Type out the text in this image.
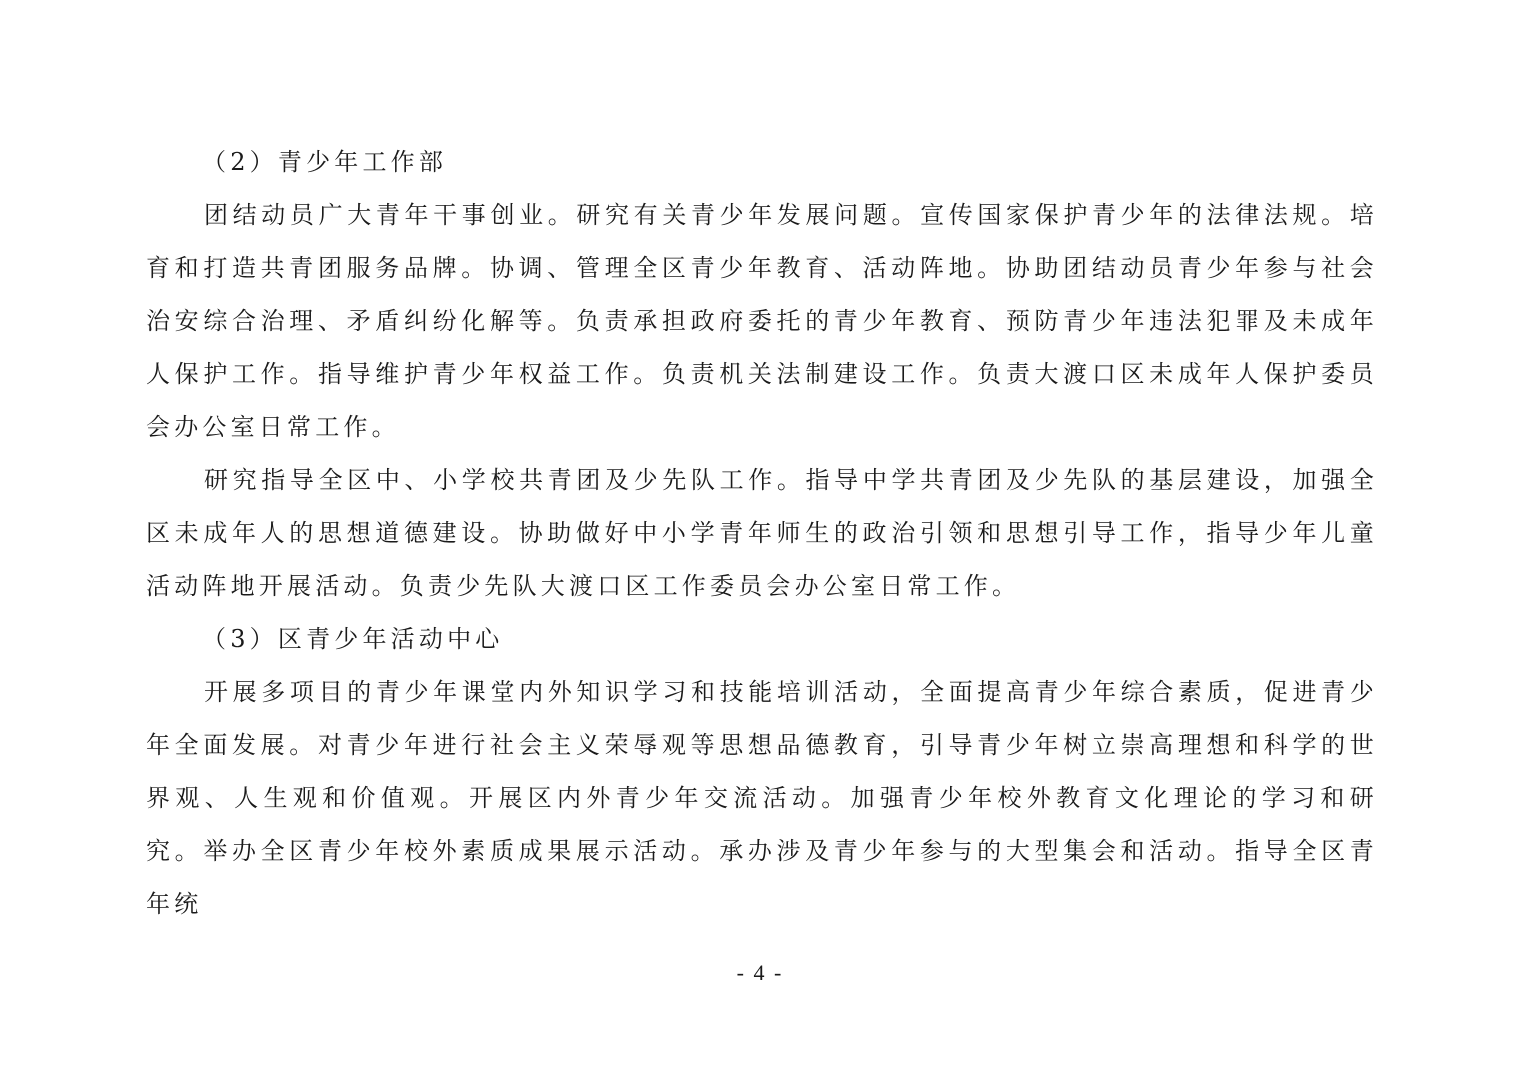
（2）青少年工作部

团结动员广大青年干事创业。研究有关青少年发展问题。宣传国家保护青少年的法律法规。培育和打造共青团服务品牌。协调、管理全区青少年教育、活动阵地。协助团结动员青少年参与社会治安综合治理、矛盾纠纷化解等。负责承担政府委托的青少年教育、预防青少年违法犯罪及未成年人保护工作。指导维护青少年权益工作。负责机关法制建设工作。负责大渡口区未成年人保护委员会办公室日常工作。

研究指导全区中、小学校共青团及少先队工作。指导中学共青团及少先队的基层建设，加强全区未成年人的思想道德建设。协助做好中小学青年师生的政治引领和思想引导工作，指导少年儿童活动阵地开展活动。负责少先队大渡口区工作委员会办公室日常工作。

（3）区青少年活动中心

开展多项目的青少年课堂内外知识学习和技能培训活动，全面提高青少年综合素质，促进青少年全面发展。对青少年进行社会主义荣辱观等思想品德教育，引导青少年树立崇高理想和科学的世界观、人生观和价值观。开展区内外青少年交流活动。加强青少年校外教育文化理论的学习和研究。举办全区青少年校外素质成果展示活动。承办涉及青少年参与的大型集会和活动。指导全区青年统

- 4 -
